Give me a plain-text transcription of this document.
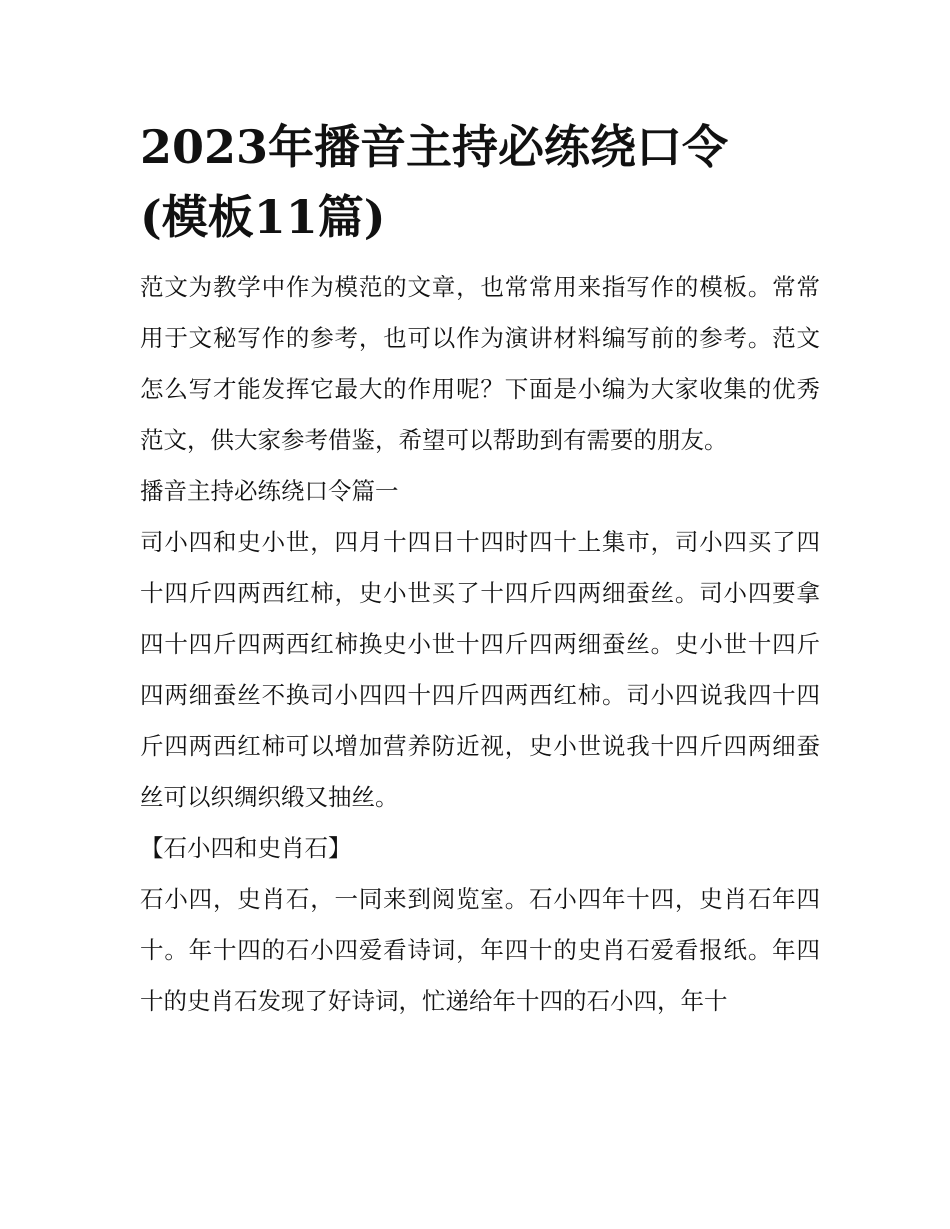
2023年播音主持必练绕口令
(模板11篇)

范文为教学中作为模范的文章，也常常用来指写作的模板。常常用于文秘写作的参考，也可以作为演讲材料编写前的参考。范文怎么写才能发挥它最大的作用呢？下面是小编为大家收集的优秀范文，供大家参考借鉴，希望可以帮助到有需要的朋友。

播音主持必练绕口令篇一

司小四和史小世，四月十四日十四时四十上集市，司小四买了四十四斤四两西红柿，史小世买了十四斤四两细蚕丝。司小四要拿四十四斤四两西红柿换史小世十四斤四两细蚕丝。史小世十四斤四两细蚕丝不换司小四四十四斤四两西红柿。司小四说我四十四斤四两西红柿可以增加营养防近视，史小世说我十四斤四两细蚕丝可以织绸织缎又抽丝。

【石小四和史肖石】

石小四，史肖石，一同来到阅览室。石小四年十四，史肖石年四十。年十四的石小四爱看诗词，年四十的史肖石爱看报纸。年四十的史肖石发现了好诗词，忙递给年十四的石小四，年十
